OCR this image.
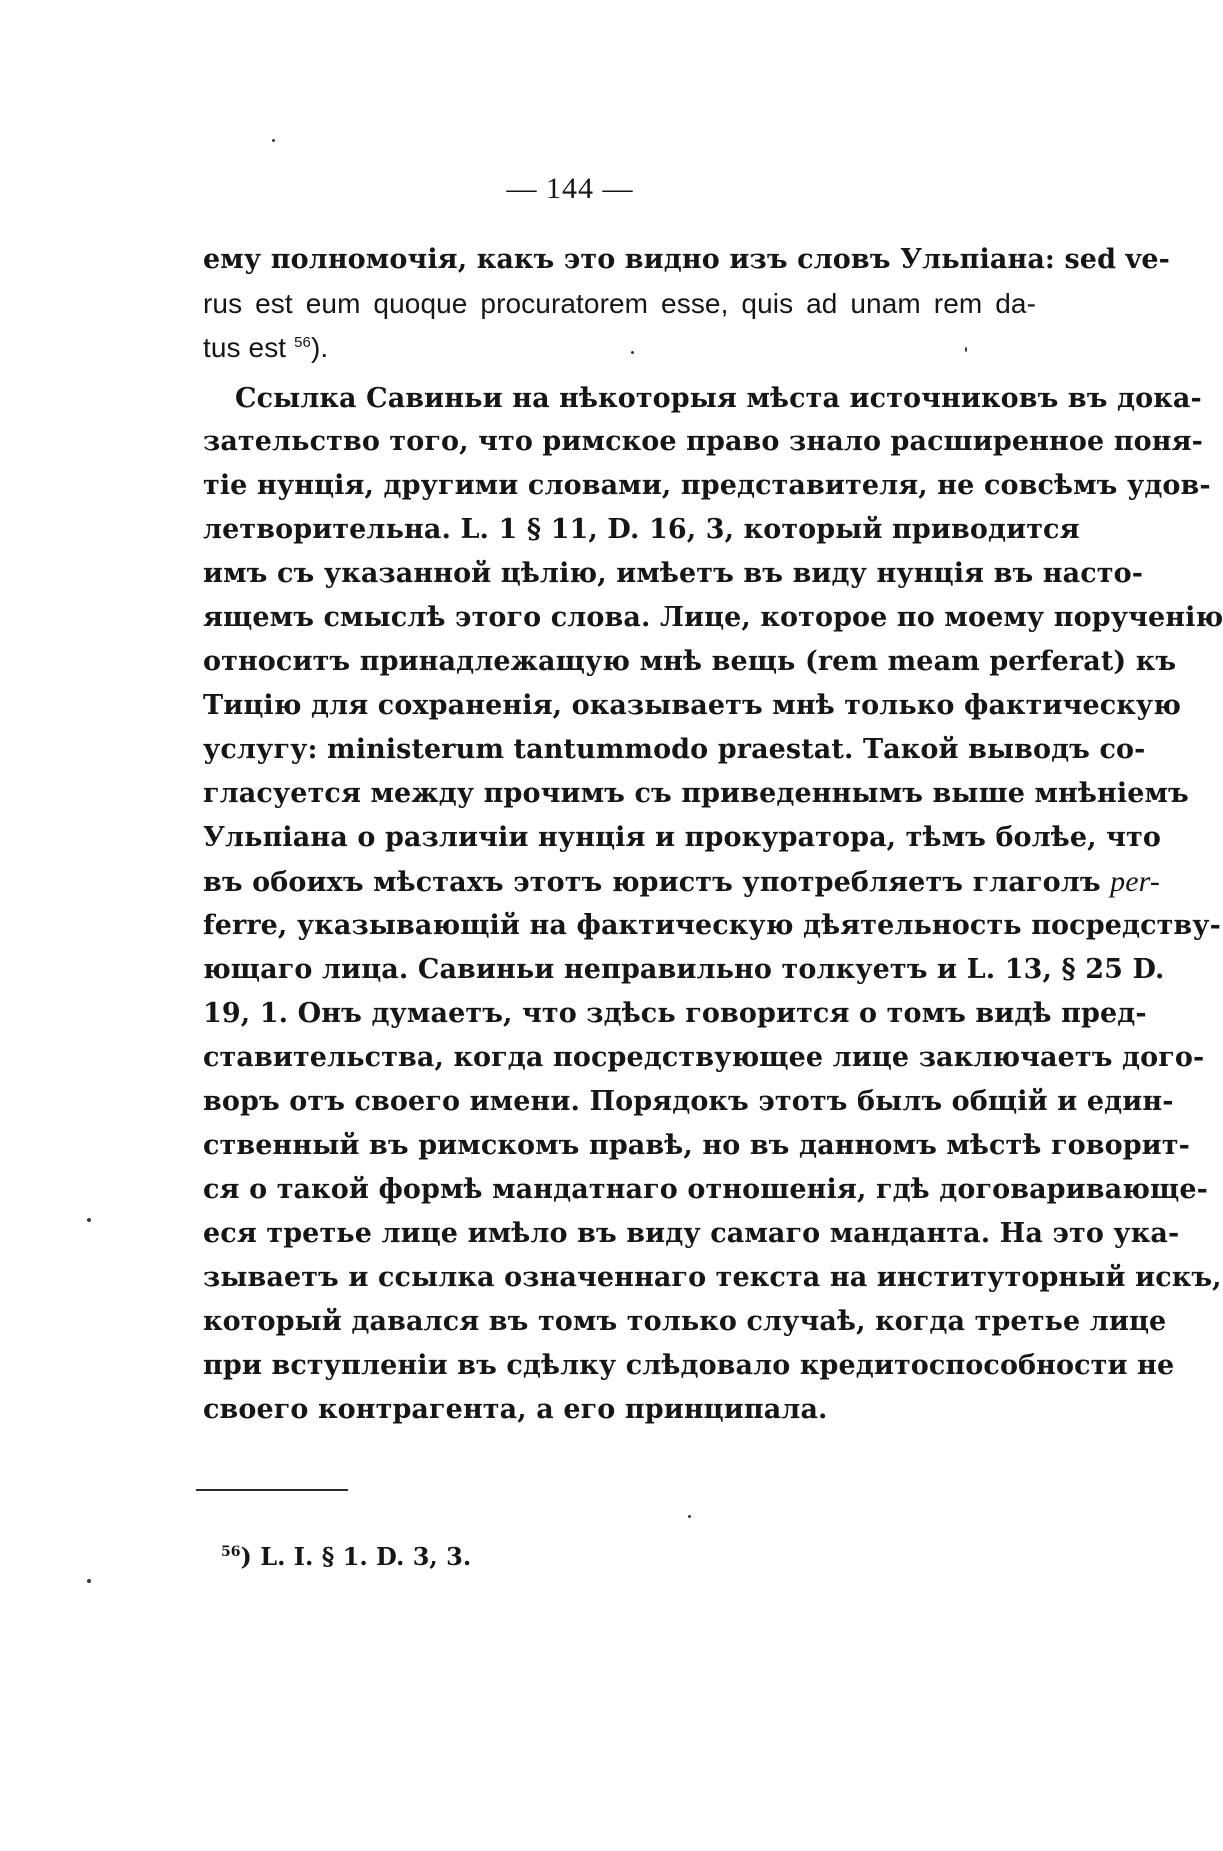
— 144 —
ему полномочія, какъ это видно изъ словъ Ульпіана: sed ve-
rus est eum quoque procuratorem esse, quis ad unam rem da-
tus est $^{56}$).
Ссылка Савиньи на нѣкоторыя мѣста источниковъ въ дока-
зательство того, что римское право знало расширенное поня-
тіе нунція, другими словами, представителя, не совсѣмъ удов-
летворительна. L. 1 § 11, D. 16, 3, который приводится
имъ съ указанной цѣлію, имѣетъ въ виду нунція въ насто-
ящемъ смыслѣ этого слова. Лице, которое по моему порученію
относитъ принадлежащую мнѣ вещь (rem meam perferat) къ
Тицію для сохраненія, оказываетъ мнѣ только фактическую
услугу: ministerum tantummodo praestat. Такой выводъ со-
гласуется между прочимъ съ приведеннымъ выше мнѣніемъ
Ульпіана о различіи нунція и прокуратора, тѣмъ болѣе, что
въ обоихъ мѣстахъ этотъ юристъ употребляетъ глаголъ per-
ferre, указывающій на фактическую дѣятельность посредству-
ющаго лица. Савиньи неправильно толкуетъ и L. 13, § 25 D.
19, 1. Онъ думаетъ, что здѣсь говорится о томъ видѣ пред-
ставительства, когда посредствующее лице заключаетъ дого-
воръ отъ своего имени. Порядокъ этотъ былъ общій и един-
ственный въ римскомъ правѣ, но въ данномъ мѣстѣ говорит-
ся о такой формѣ мандатнаго отношенія, гдѣ договаривающе-
еся третье лице имѣло въ виду самаго манданта. На это ука-
зываетъ и ссылка означеннаго текста на институторный искъ,
который давался въ томъ только случаѣ, когда третье лице
при вступленіи въ сдѣлку слѣдовало кредитоспособности не
своего контрагента, а его принципала.
$^{56}$) L. I. § 1. D. 3, 3.
